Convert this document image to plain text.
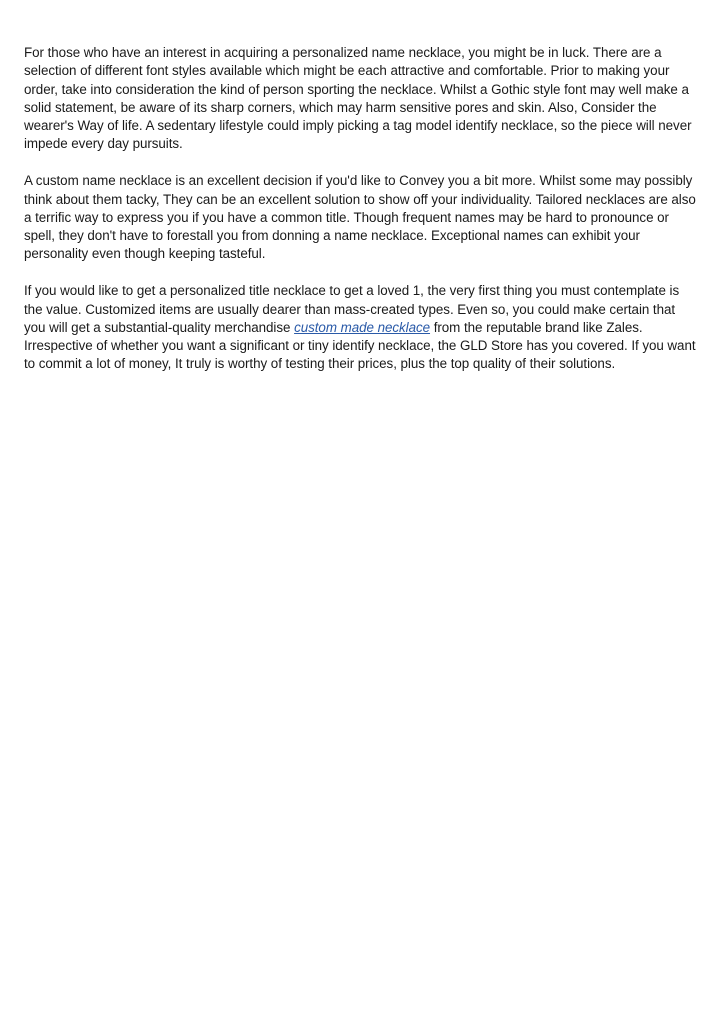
For those who have an interest in acquiring a personalized name necklace, you might be in luck. There are a selection of different font styles available which might be each attractive and comfortable. Prior to making your order, take into consideration the kind of person sporting the necklace. Whilst a Gothic style font may well make a solid statement, be aware of its sharp corners, which may harm sensitive pores and skin. Also, Consider the wearer's Way of life. A sedentary lifestyle could imply picking a tag model identify necklace, so the piece will never impede every day pursuits.

A custom name necklace is an excellent decision if you'd like to Convey you a bit more. Whilst some may possibly think about them tacky, They can be an excellent solution to show off your individuality. Tailored necklaces are also a terrific way to express you if you have a common title. Though frequent names may be hard to pronounce or spell, they don't have to forestall you from donning a name necklace. Exceptional names can exhibit your personality even though keeping tasteful.

If you would like to get a personalized title necklace to get a loved 1, the very first thing you must contemplate is the value. Customized items are usually dearer than mass-created types. Even so, you could make certain that you will get a substantial-quality merchandise custom made necklace from the reputable brand like Zales. Irrespective of whether you want a significant or tiny identify necklace, the GLD Store has you covered. If you want to commit a lot of money, It truly is worthy of testing their prices, plus the top quality of their solutions.
